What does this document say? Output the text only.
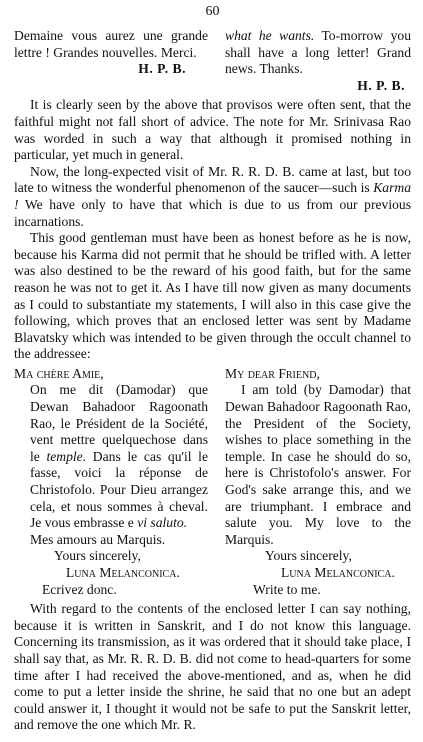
60
Demaine vous aurez une grande lettre ! Grandes nouvelles. Merci.
H. P. B.
what he wants. To-morrow you shall have a long letter! Grand news. Thanks.
H. P. B.

It is clearly seen by the above that provisos were often sent, that the faithful might not fall short of advice. The note for Mr. Srinivasa Rao was worded in such a way that although it promised nothing in particular, yet much in general.

Now, the long-expected visit of Mr. R. R. D. B. came at last, but too late to witness the wonderful phenomenon of the saucer—such is Karma ! We have only to have that which is due to us from our previous incarnations.

This good gentleman must have been as honest before as he is now, because his Karma did not permit that he should be trifled with. A letter was also destined to be the reward of his good faith, but for the same reason he was not to get it. As I have till now given as many documents as I could to substantiate my statements, I will also in this case give the following, which proves that an enclosed letter was sent by Madame Blavatsky which was intended to be given through the occult channel to the addressee:

Ma chère Amie,
On me dit (Damodar) que Dewan Bahadoor Ragoonath Rao, le Président de la Société, vent mettre quelquechose dans le temple. Dans le cas qu'il le fasse, voici la réponse de Christofolo. Pour Dieu arrangez cela, et nous sommes à cheval. Je vous embrasse e vi saluto.
Mes amours au Marquis.
Yours sincerely,
Luna Melanconica.
Ecrivez donc.
My dear Friend,
I am told (by Damodar) that Dewan Bahadoor Ragoonath Rao, the President of the Society, wishes to place something in the temple. In case he should do so, here is Christofolo's answer. For God's sake arrange this, and we are triumphant. I embrace and salute you. My love to the Marquis.
Yours sincerely,
Luna Melanconica.
Write to me.

With regard to the contents of the enclosed letter I can say nothing, because it is written in Sanskrit, and I do not know this language. Concerning its transmission, as it was ordered that it should take place, I shall say that, as Mr. R. R. D. B. did not come to head-quarters for some time after I had received the above-mentioned, and as, when he did come to put a letter inside the shrine, he said that no one but an adept could answer it, I thought it would not be safe to put the Sanskrit letter, and remove the one which Mr. R.
